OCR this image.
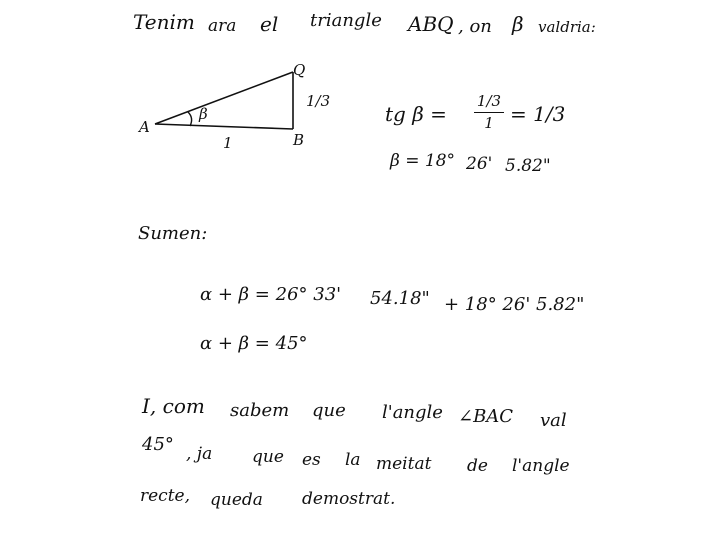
Tenim ara el triangle ABQ , on β valdria:
A
B
Q
β
1
1/3
tg β =
1/3
1 = 1/3
β = 18° 26' 5.82"
Sumen:
α + β = 26° 33' 54.18" + 18° 26' 5.82"
α + β = 45°
I, com sabem que l'angle ∠BAC val
45° , ja que es la meitat de l'angle
recte, queda demostrat.
